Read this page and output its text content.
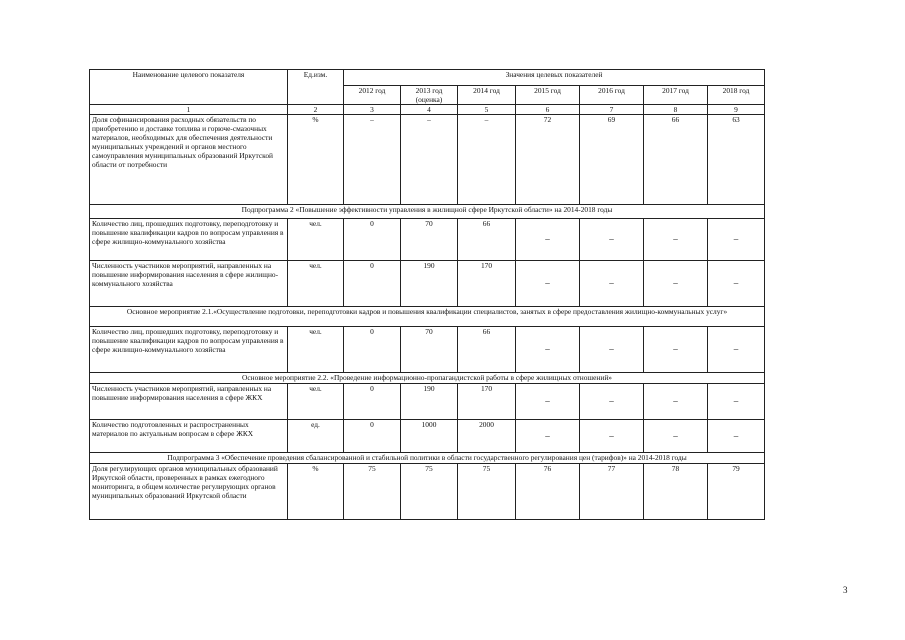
Наименование целевого показателя	Ед.изм.	Значения целевых показателей						
		2012 год	2013 год (оценка)	2014 год	2015 год	2016 год	2017 год	2018 год
1	2	3	4	5	6	7	8	9
Доля софинансирования расходных обязательств по приобретению и доставке топлива и горюче-смазочных материалов, необходимых для обеспечения деятельности муниципальных учреждений и органов местного самоуправления муниципальных образований Иркутской области от потребности	%	–	–	–	72	69	66	63
Подпрограмма 2 «Повышение эффективности управления в жилищной сфере Иркутской области» на 2014-2018 годы								
Количество лиц, прошедших подготовку, переподготовку и повышение квалификации кадров по вопросам управления в сфере жилищно-коммунального хозяйства	чел.	0	70	66	–	–	–	–
Численность участников мероприятий, направленных на повышение информирования населения в сфере жилищно-коммунального хозяйства	чел.	0	190	170	–	–	–	–
Основное мероприятие 2.1.«Осуществление подготовки, переподготовки кадров и повышения квалификации специалистов, занятых в сфере предоставления жилищно-коммунальных услуг»								
Количество лиц, прошедших подготовку, переподготовку и повышение квалификации кадров по вопросам управления в сфере жилищно-коммунального хозяйства	чел.	0	70	66	–	–	–	–
Основное мероприятие 2.2. «Проведение информационно-пропагандистской работы в сфере жилищных отношений»								
Численность участников мероприятий, направленных на повышение информирования населения в сфере ЖКХ	чел.	0	190	170	–	–	–	–
Количество подготовленных и распространенных материалов по актуальным вопросам в сфере ЖКХ	ед.	0	1000	2000	–	–	–	–
Подпрограмма 3 «Обеспечение проведения сбалансированной и стабильной политики в области государственного регулирования цен (тарифов)» на 2014-2018 годы								
Доля регулирующих органов муниципальных образований Иркутской области, проверенных в рамках ежегодного мониторинга, в общем количестве регулирующих органов муниципальных образований Иркутской области	%	75	75	75	76	77	78	79
3
